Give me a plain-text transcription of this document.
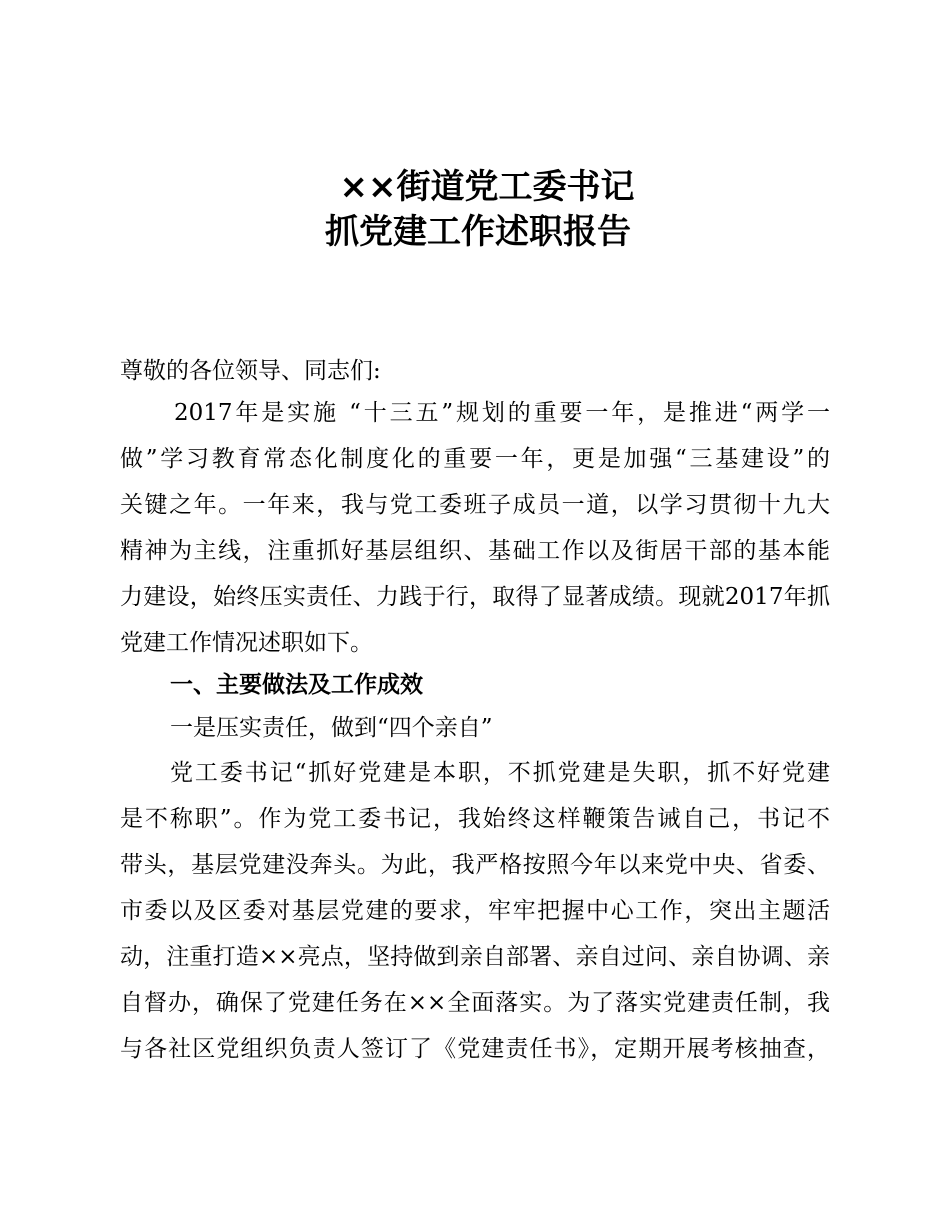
××街道党工委书记
抓党建工作述职报告
尊敬的各位领导、同志们:
2017年是实施 “十三五”规划的重要一年，是推进“两学一
做”学习教育常态化制度化的重要一年，更是加强“三基建设”的
关键之年。一年来，我与党工委班子成员一道，以学习贯彻十九大
精神为主线，注重抓好基层组织、基础工作以及街居干部的基本能
力建设，始终压实责任、力践于行，取得了显著成绩。现就2017年抓
党建工作情况述职如下。
一、主要做法及工作成效
一是压实责任，做到“四个亲自”
党工委书记“抓好党建是本职，不抓党建是失职，抓不好党建
是不称职”。作为党工委书记，我始终这样鞭策告诫自己，书记不
带头，基层党建没奔头。为此，我严格按照今年以来党中央、省委、
市委以及区委对基层党建的要求，牢牢把握中心工作，突出主题活
动，注重打造××亮点，坚持做到亲自部署、亲自过问、亲自协调、亲
自督办，确保了党建任务在××全面落实。为了落实党建责任制，我
与各社区党组织负责人签订了《党建责任书》，定期开展考核抽查，
